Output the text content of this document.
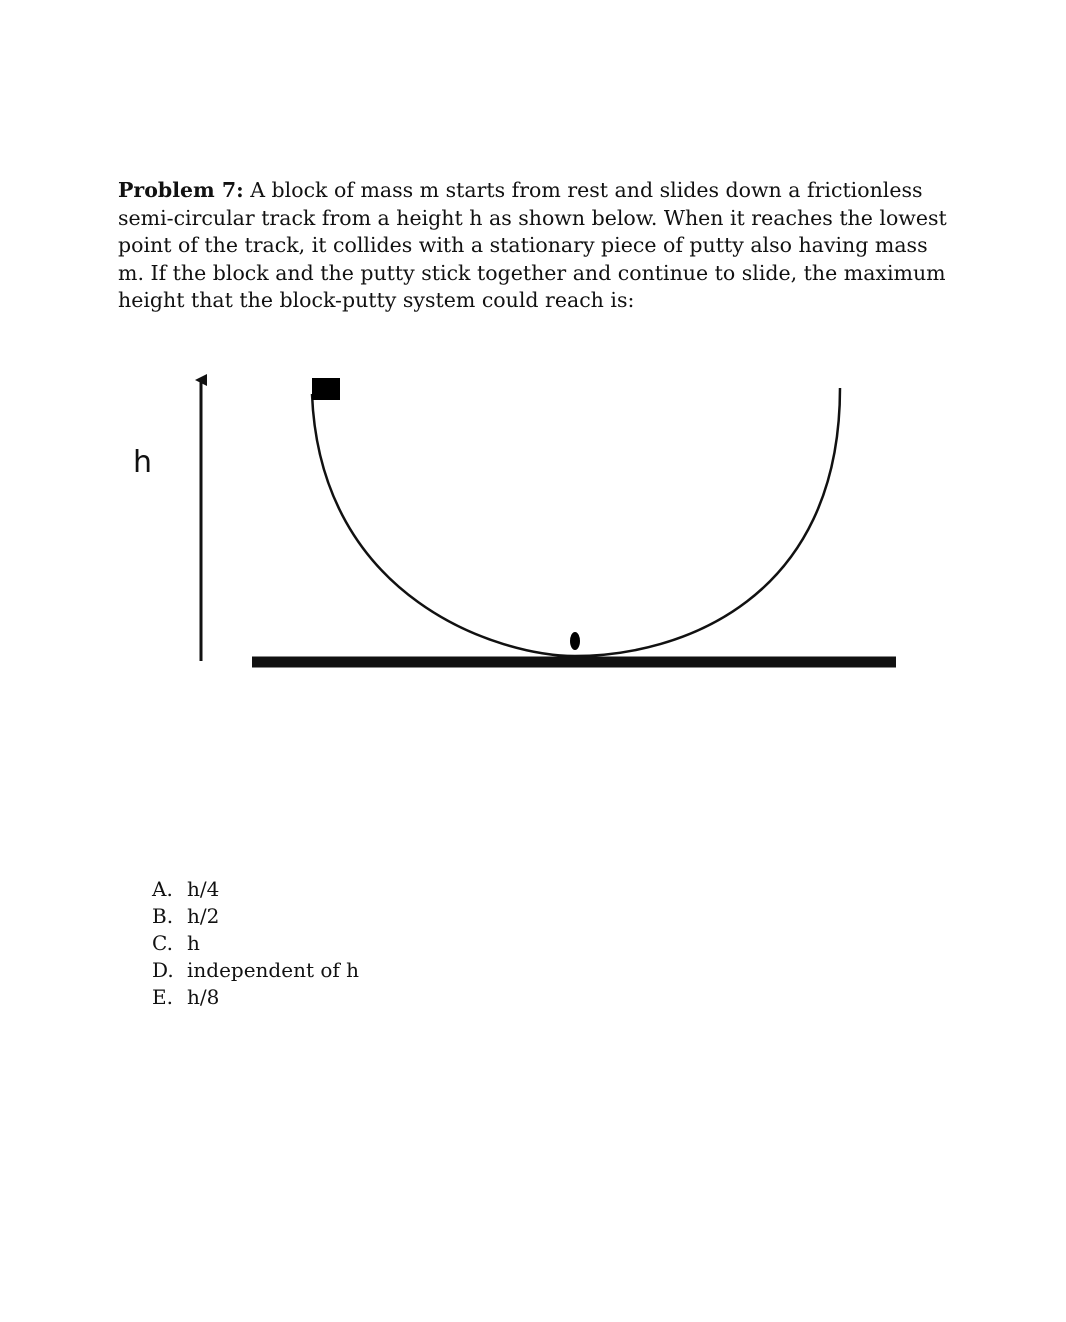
Problem 7: A block of mass m starts from rest and slides down a frictionless semi-circular track from a height h as shown below. When it reaches the lowest point of the track, it collides with a stationary piece of putty also having mass m. If the block and the putty stick together and continue to slide, the maximum height that the block-putty system could reach is:
h
A. h/4
B. h/2
C. h
D. independent of h
E. h/8
